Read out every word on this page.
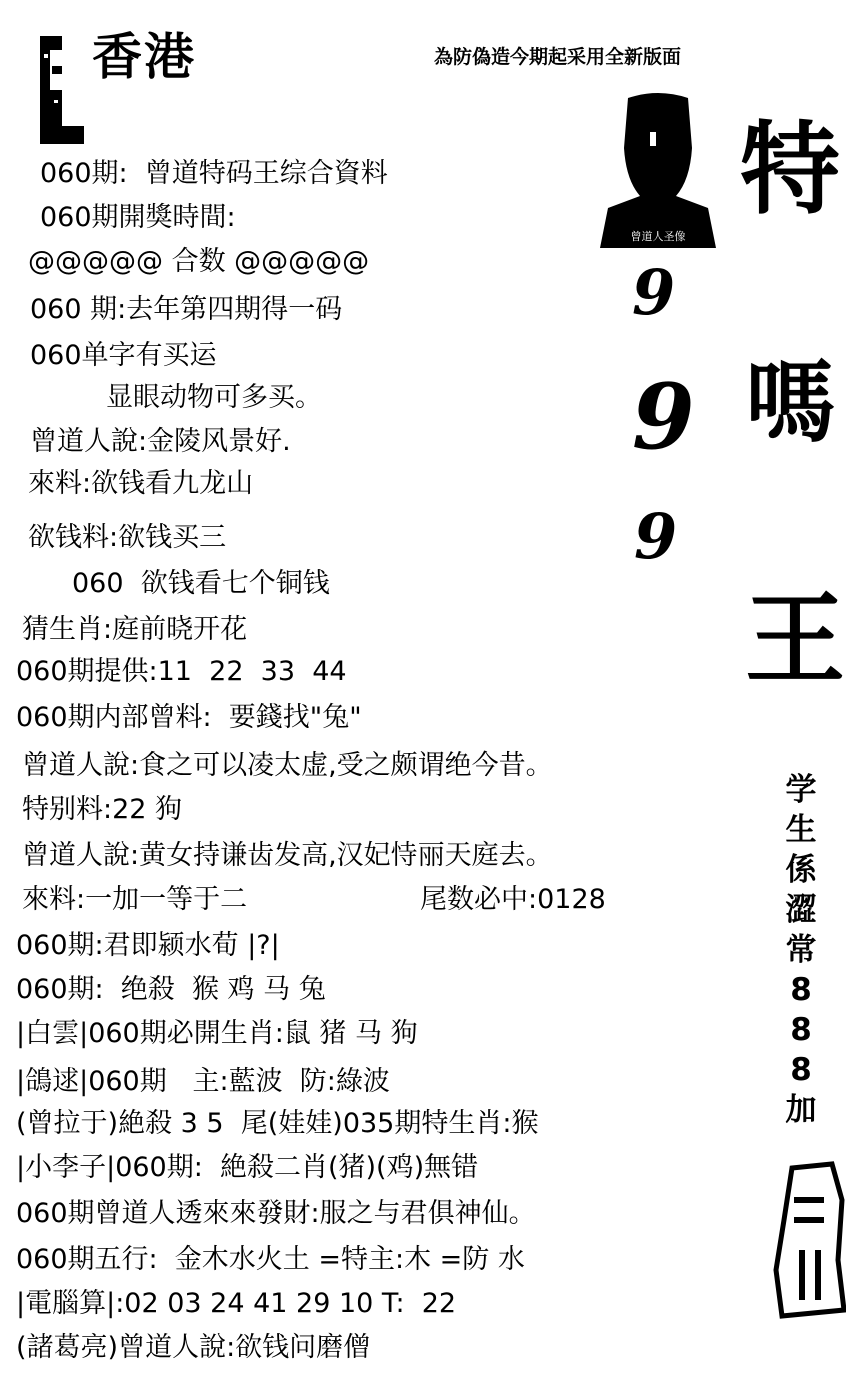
香港	為防偽造今期起采用全新版面
曾道人圣像
特
嗎
王
9
9
9
学
生
係
澀
常
8
8
8
加
060期:  曾道特码王综合資料
060期開獎時間:
@@@@@ 合数 @@@@@
060 期:去年第四期得一码
060单字有买运
显眼动物可多买。
曾道人說:金陵风景好.
來料:欲钱看九龙山
欲钱料:欲钱买三
060  欲钱看七个铜钱
猜生肖:庭前晓开花
060期提供:11  22  33  44
060期内部曾料:  要錢找"兔"
曾道人說:食之可以凌太虚,受之颇谓绝今昔。
特别料:22 狗
曾道人說:黄女持谦齿发高,汉妃恃丽天庭去。
來料:一加一等于二	尾数必中:0128
060期:君即颍水荀 |?|
060期:  绝殺  猴 鸡 马 兔
|白雲|060期必開生肖:鼠 猪 马 狗
|鴿逑|060期   主:藍波  防:綠波
(曾拉于)絶殺 3 5  尾(娃娃)035期特生肖:猴
|小李子|060期:  絶殺二肖(猪)(鸡)無错
060期曾道人透來來發財:服之与君俱神仙。
060期五行:  金木水火土 =特主:木 =防 水
|電腦算|:02 03 24 41 29 10 T:  22
(諸葛亮)曾道人說:欲钱问磨僧
